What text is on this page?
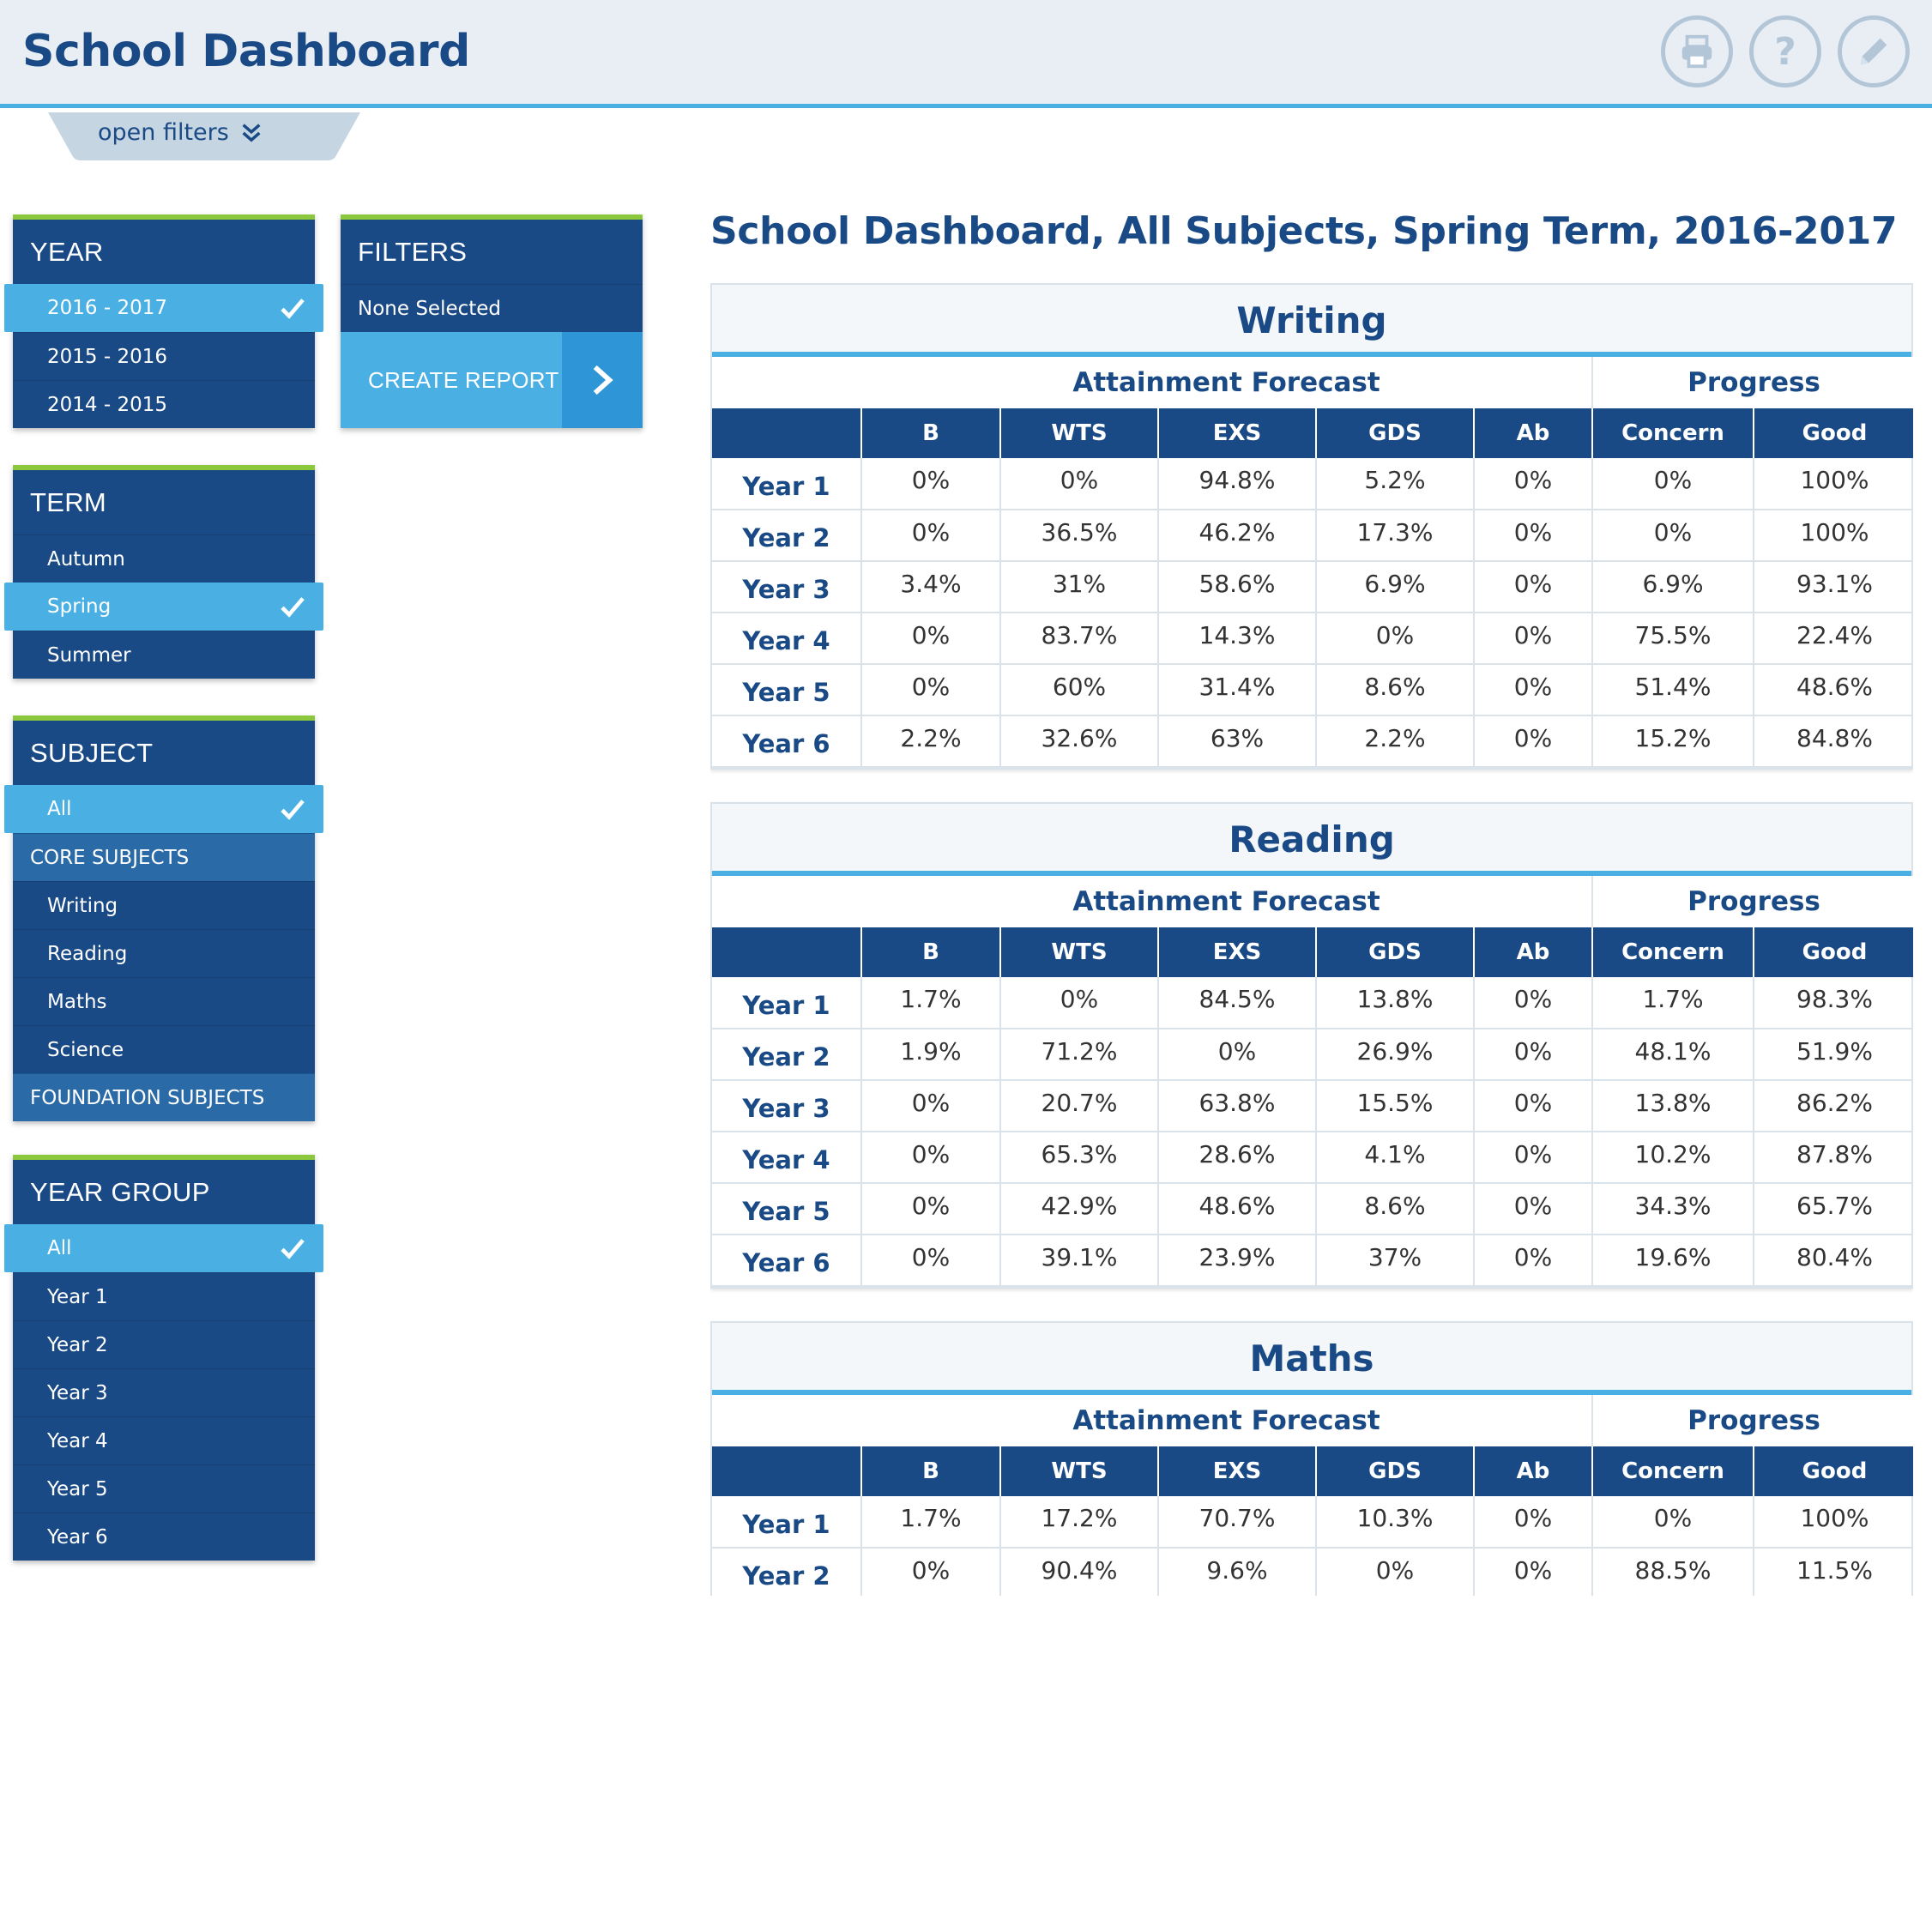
School Dashboard	?
open filters
YEAR
2016 - 2017
2015 - 2016
2014 - 2015
TERM
Autumn
Spring
Summer
SUBJECT
All
CORE SUBJECTS
Writing
Reading
Maths
Science
FOUNDATION SUBJECTS
YEAR GROUP
All
Year 1
Year 2
Year 3
Year 4
Year 5
Year 6
FILTERS
None Selected
CREATE REPORT
School Dashboard, All Subjects, Spring Term, 2016-2017
Writing
Attainment Forecast						Progress	
	B	WTS	EXS	GDS	Ab	Concern	Good
Year 1	0%	0%	94.8%	5.2%	0%	0%	100%
Year 2	0%	36.5%	46.2%	17.3%	0%	0%	100%
Year 3	3.4%	31%	58.6%	6.9%	0%	6.9%	93.1%
Year 4	0%	83.7%	14.3%	0%	0%	75.5%	22.4%
Year 5	0%	60%	31.4%	8.6%	0%	51.4%	48.6%
Year 6	2.2%	32.6%	63%	2.2%	0%	15.2%	84.8%
Reading
Attainment Forecast						Progress	
	B	WTS	EXS	GDS	Ab	Concern	Good
Year 1	1.7%	0%	84.5%	13.8%	0%	1.7%	98.3%
Year 2	1.9%	71.2%	0%	26.9%	0%	48.1%	51.9%
Year 3	0%	20.7%	63.8%	15.5%	0%	13.8%	86.2%
Year 4	0%	65.3%	28.6%	4.1%	0%	10.2%	87.8%
Year 5	0%	42.9%	48.6%	8.6%	0%	34.3%	65.7%
Year 6	0%	39.1%	23.9%	37%	0%	19.6%	80.4%
Maths
Attainment Forecast						Progress	
	B	WTS	EXS	GDS	Ab	Concern	Good
Year 1	1.7%	17.2%	70.7%	10.3%	0%	0%	100%
Year 2	0%	90.4%	9.6%	0%	0%	88.5%	11.5%
